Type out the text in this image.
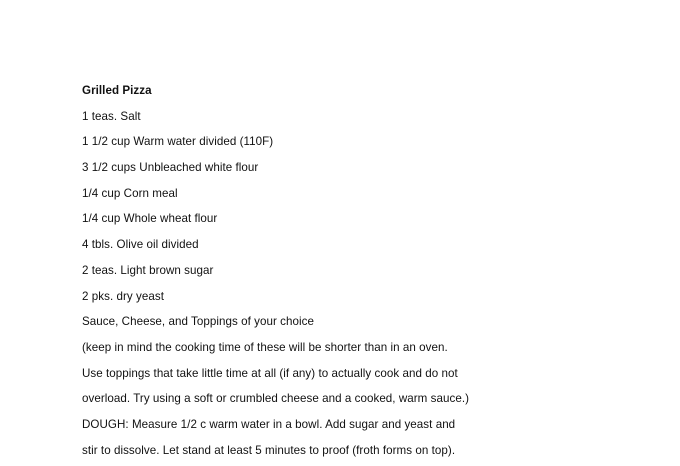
Grilled Pizza
1 teas. Salt
1 1/2 cup Warm water divided (110F)
3 1/2 cups Unbleached white flour
1/4 cup Corn meal
1/4 cup Whole wheat flour
4 tbls. Olive oil divided
2 teas. Light brown sugar
2 pks. dry yeast
Sauce, Cheese, and Toppings of your choice
(keep in mind the cooking time of these will be shorter than in an oven.
Use toppings that take little time at all (if any) to actually cook and do not
overload. Try using a soft or crumbled cheese and a cooked, warm sauce.)
DOUGH: Measure 1/2 c warm water in a bowl. Add sugar and yeast and
stir to dissolve. Let stand at least 5 minutes to proof (froth forms on top).
